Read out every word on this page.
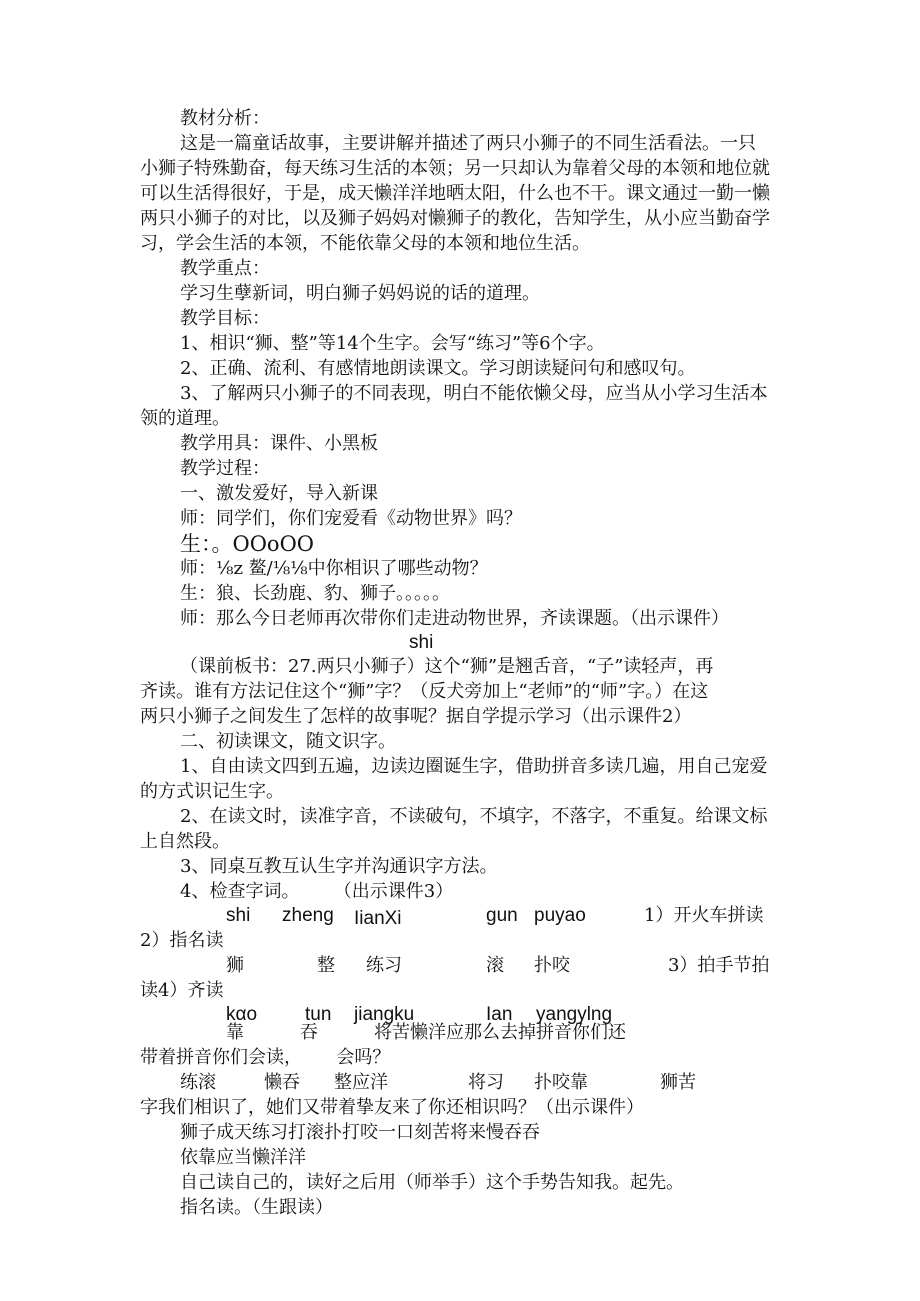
教材分析：
这是一篇童话故事，主要讲解并描述了两只小狮子的不同生活看法。一只
小狮子特殊勤奋，每天练习生活的本领；另一只却认为靠着父母的本领和地位就
可以生活得很好，于是，成天懒洋洋地晒太阳，什么也不干。课文通过一勤一懒
两只小狮子的对比，以及狮子妈妈对懒狮子的教化，告知学生，从小应当勤奋学
习，学会生活的本领，不能依靠父母的本领和地位生活。
教学重点：
学习生孽新词，明白狮子妈妈说的话的道理。
教学目标：
1、相识“狮、整”等14个生字。会写“练习”等6个字。
2、正确、流利、有感情地朗读课文。学习朗读疑问句和感叹句。
3、了解两只小狮子的不同表现，明白不能依懒父母，应当从小学习生活本
领的道理。
教学用具：课件、小黑板
教学过程：
一、激发爱好，导入新课
师：同学们，你们宠爱看《动物世界》吗？
生：。OOoOO
师：⅛z 鳌/⅛⅛中你相识了哪些动物？
生：狼、长劲鹿、豹、狮子。。。。。
师：那么今日老师再次带你们走进动物世界，齐读课题。（出示课件）
shi
（课前板书：27.两只小狮子）这个“狮”是翘舌音，“子”读轻声，再
齐读。谁有方法记住这个“狮”字？（反犬旁加上“老师”的“师”字。）在这
两只小狮子之间发生了怎样的故事呢？据自学提示学习（出示课件2）
二、初读课文，随文识字。
1、自由读文四到五遍，边读边圈诞生字，借助拼音多读几遍，用自己宠爱
的方式识记生字。
2、在读文时，读准字音，不读破句，不填字，不落字，不重复。给课文标
上自然段。
3、同桌互教互认生字并沟通识字方法。
4、检查字词。      （出示课件3）
shi zheng IianXi	gun puyao	1）开火车拼读
2）指名读
狮	整 练习	滚 扑咬	3）拍手节拍
读4）齐读
kαo	tun jiangku	Ian yangylng
靠	吞	将苦懒洋应那么去掉拼音你们还
带着拼音你们会读，      会吗？
练滚	懒吞 整应洋	将习 扑咬靠	狮苦
字我们相识了，她们又带着挚友来了你还相识吗？（出示课件）
狮子成天练习打滚扑打咬一口刻苦将来慢吞吞
依靠应当懒洋洋
自己读自己的，读好之后用（师举手）这个手势告知我。起先。
指名读。（生跟读）
